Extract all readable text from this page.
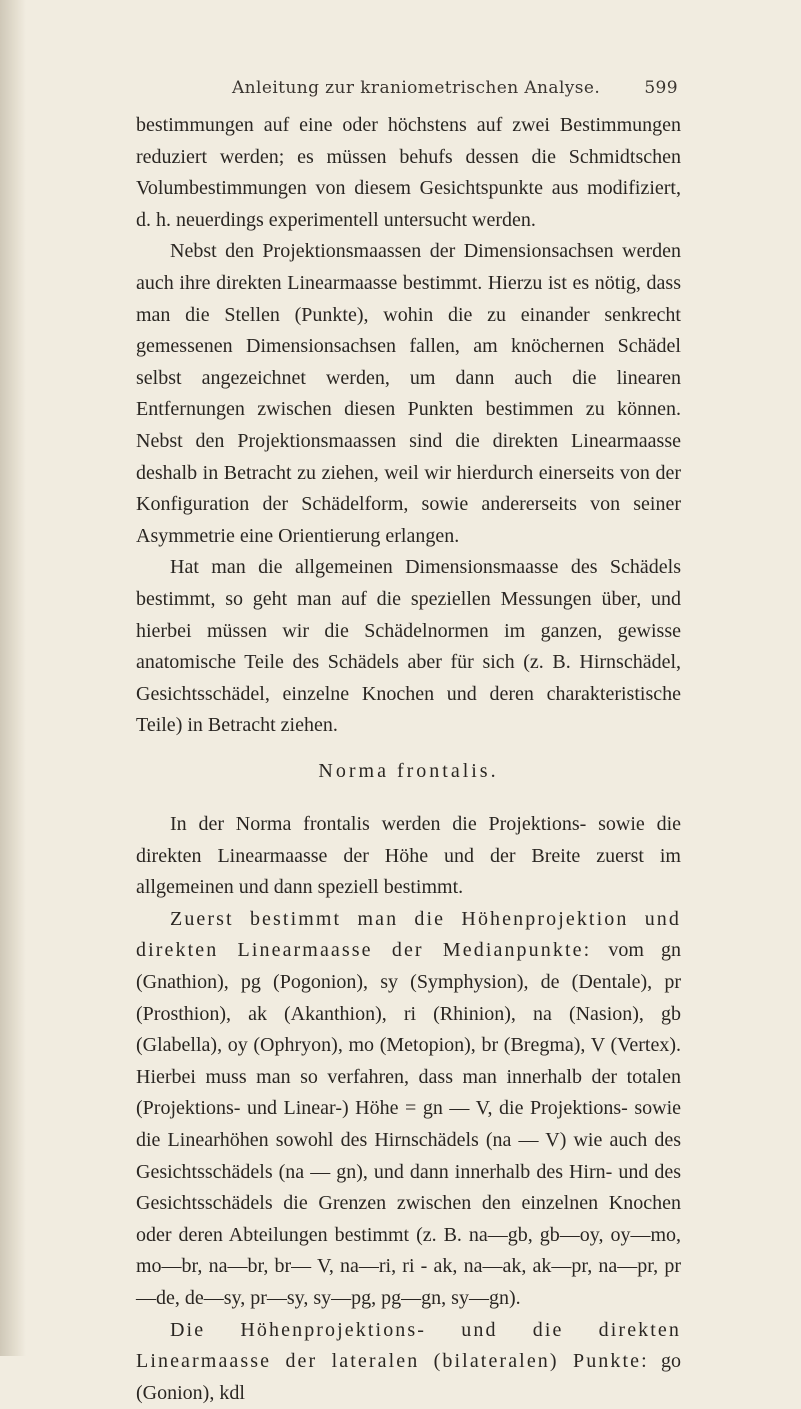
Anleitung zur kraniometrischen Analyse.	599

bestimmungen auf eine oder höchstens auf zwei Bestimmungen reduziert werden; es müssen behufs dessen die Schmidtschen Volumbestimmungen von diesem Gesichtspunkte aus modifiziert, d. h. neuerdings experimentell untersucht werden.

Nebst den Projektionsmaassen der Dimensionsachsen werden auch ihre direkten Linearmaasse bestimmt. Hierzu ist es nötig, dass man die Stellen (Punkte), wohin die zu einander senkrecht gemessenen Dimensionsachsen fallen, am knöchernen Schädel selbst angezeichnet werden, um dann auch die linearen Entfernungen zwischen diesen Punkten bestimmen zu können. Nebst den Projektionsmaassen sind die direkten Linearmaasse deshalb in Betracht zu ziehen, weil wir hierdurch einerseits von der Konfiguration der Schädelform, sowie andererseits von seiner Asymmetrie eine Orientierung erlangen.

Hat man die allgemeinen Dimensionsmaasse des Schädels bestimmt, so geht man auf die speziellen Messungen über, und hierbei müssen wir die Schädelnormen im ganzen, gewisse anatomische Teile des Schädels aber für sich (z. B. Hirnschädel, Gesichtsschädel, einzelne Knochen und deren charakteristische Teile) in Betracht ziehen.

Norma frontalis.

In der Norma frontalis werden die Projektions- sowie die direkten Linearmaasse der Höhe und der Breite zuerst im allgemeinen und dann speziell bestimmt.

Zuerst bestimmt man die Höhenprojektion und direkten Linearmaasse der Medianpunkte: vom gn (Gnathion), pg (Pogonion), sy (Symphysion), de (Dentale), pr (Prosthion), ak (Akanthion), ri (Rhinion), na (Nasion), gb (Glabella), oy (Ophryon), mo (Metopion), br (Bregma), V (Vertex). Hierbei muss man so verfahren, dass man innerhalb der totalen (Projektions- und Linear-) Höhe = gn — V, die Projektions- sowie die Linearhöhen sowohl des Hirnschädels (na — V) wie auch des Gesichtsschädels (na — gn), und dann innerhalb des Hirn- und des Gesichtsschädels die Grenzen zwischen den einzelnen Knochen oder deren Abteilungen bestimmt (z. B. na—gb, gb—oy, oy—mo, mo—br, na—br, br— V, na—ri, ri - ak, na—ak, ak—pr, na—pr, pr—de, de—sy, pr—sy, sy—pg, pg—gn, sy—gn).

Die Höhenprojektions- und die direkten Linearmaasse der lateralen (bilateralen) Punkte: go (Gonion), kdl
